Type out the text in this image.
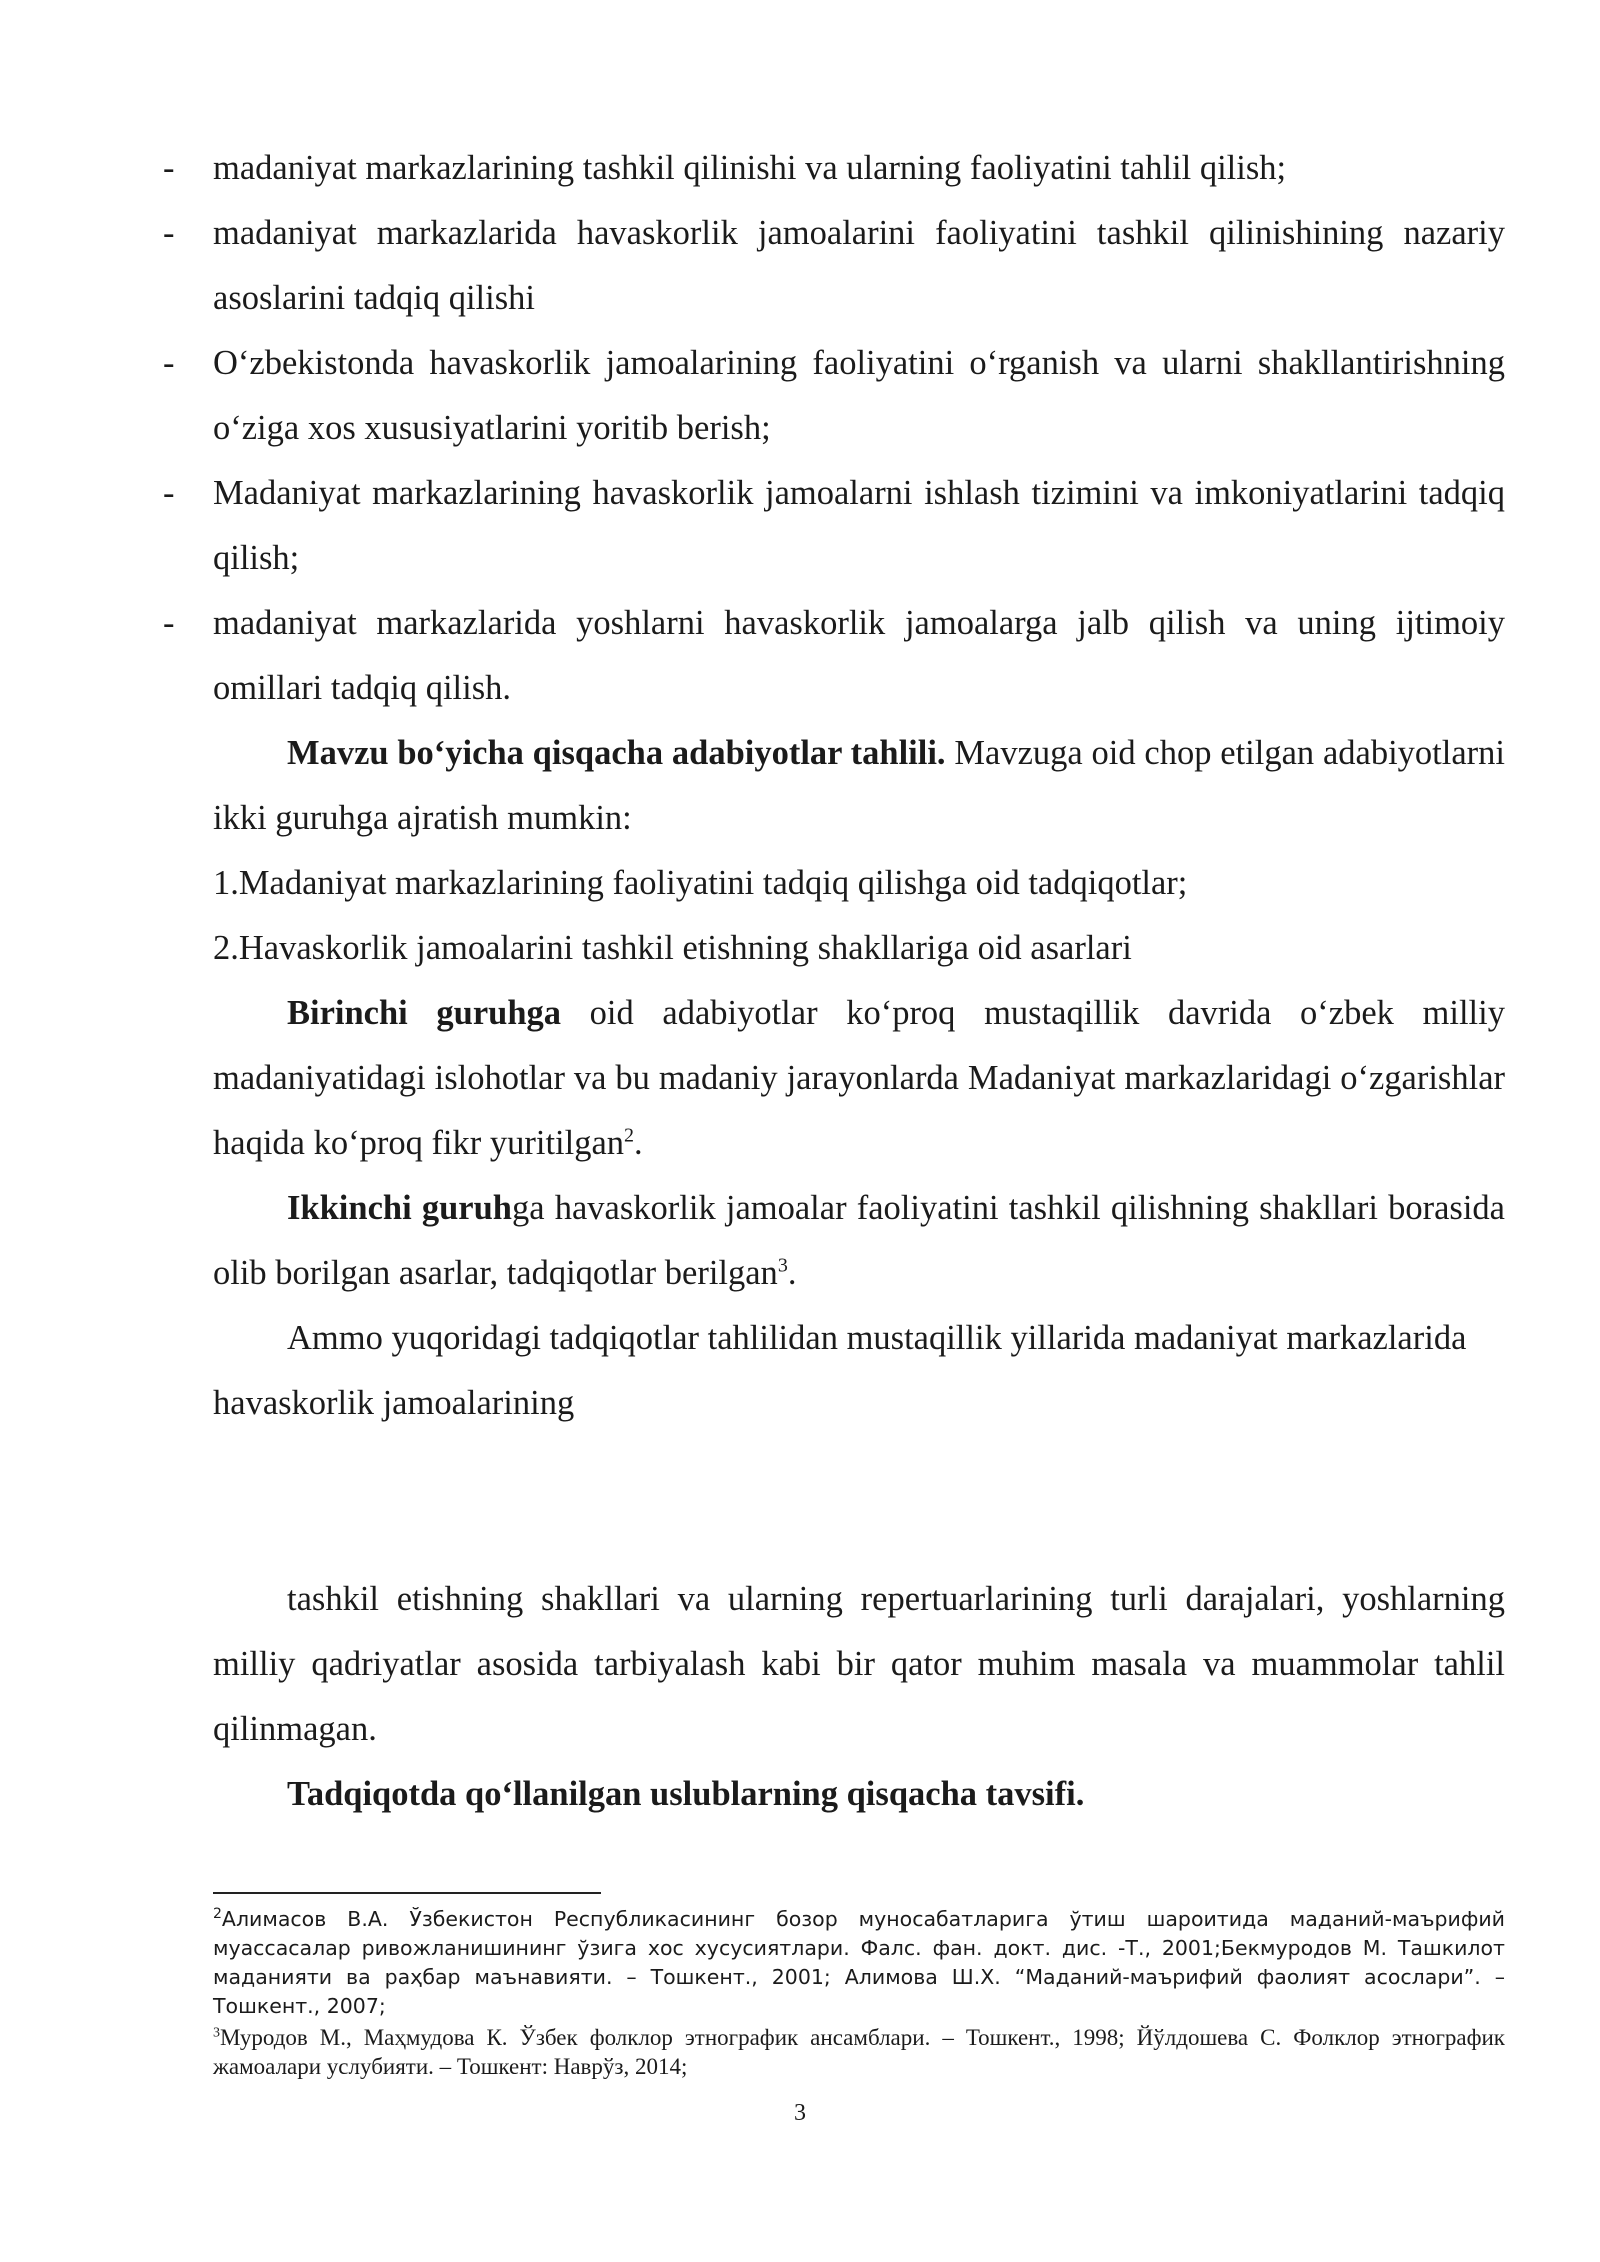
- madaniyat markazlarining tashkil qilinishi va ularning faoliyatini tahlil qilish;
- madaniyat markazlarida havaskorlik jamoalarini faoliyatini tashkil qilinishining nazariy asoslarini tadqiq qilishi
- O‘zbekistonda havaskorlik jamoalarining faoliyatini o‘rganish va ularni shakllantirishning o‘ziga xos xususiyatlarini yoritib berish;
- Madaniyat markazlarining havaskorlik jamoalarni ishlash tizimini va imkoniyatlarini tadqiq qilish;
- madaniyat markazlarida yoshlarni havaskorlik jamoalarga jalb qilish va uning ijtimoiy omillari tadqiq qilish.

Mavzu bo‘yicha qisqacha adabiyotlar tahlili. Mavzuga oid chop etilgan adabiyotlarni ikki guruhga ajratish mumkin:

1.Madaniyat markazlarining faoliyatini tadqiq qilishga oid tadqiqotlar;

2.Havaskorlik jamoalarini tashkil etishning shakllariga oid asarlari

Birinchi guruhga oid adabiyotlar ko‘proq mustaqillik davrida o‘zbek milliy madaniyatidagi islohotlar va bu madaniy jarayonlarda Madaniyat markazlaridagi o‘zgarishlar haqida ko‘proq fikr yuritilgan$^2$.

Ikkinchi guruhga havaskorlik jamoalar faoliyatini tashkil qilishning shakllari borasida olib borilgan asarlar, tadqiqotlar berilgan$^3$.

Ammo yuqoridagi tadqiqotlar tahlilidan mustaqillik yillarida madaniyat markazlarida havaskorlik jamoalarining

tashkil etishning shakllari va ularning repertuarlarining turli darajalari, yoshlarning milliy qadriyatlar asosida tarbiyalash kabi bir qator muhim masala va muammolar tahlil qilinmagan.

Tadqiqotda qo‘llanilgan uslublarning qisqacha tavsifi.

$^2$Алимасов В.А. Ўзбекистон Республикасининг бозор муносабатларига ўтиш шароитида маданий-маърифий муассасалар ривожланишининг ўзига хос хусусиятлари. Фалс. фан. докт. дис. -Т., 2001;Бекмуродов М. Ташкилот маданияти ва раҳбар маънавияти. – Тошкент., 2001; Алимова Ш.Х. “Маданий-маърифий фаолият асослари”. – Тошкент., 2007;
$^3$Муродов М., Маҳмудова К. Ўзбек фолклор этнографик ансамблари. – Тошкент., 1998; Йўлдошева С. Фолклор этнографик жамоалари услубияти. – Тошкент: Наврўз, 2014;
3
